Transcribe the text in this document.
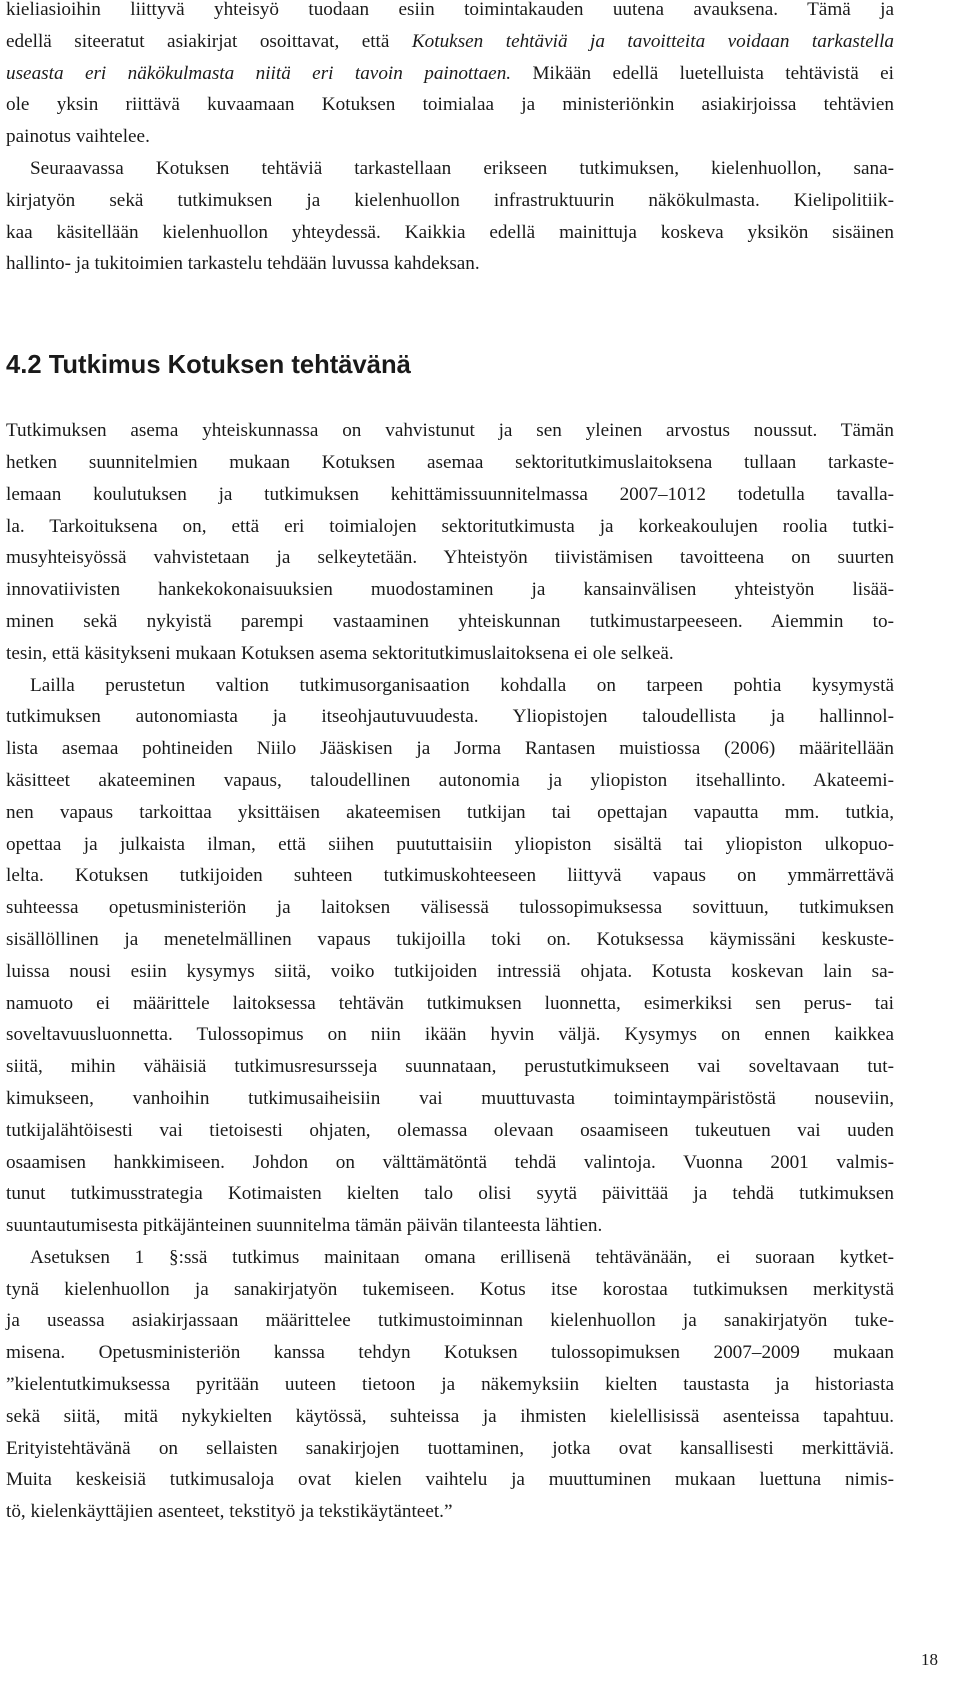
kieliasioihin liittyvä yhteisyö tuodaan esiin toimintakauden uutena avauksena. Tämä ja
edellä siteeratut asiakirjat osoittavat, että Kotuksen tehtäviä ja tavoitteita voidaan tarkastella
useasta eri näkökulmasta niitä eri tavoin painottaen. Mikään edellä luetelluista tehtävistä ei
ole yksin riittävä kuvaamaan Kotuksen toimialaa ja ministeriönkin asiakirjoissa tehtävien
painotus vaihtelee.
Seuraavassa Kotuksen tehtäviä tarkastellaan erikseen tutkimuksen, kielenhuollon, sana-
kirjatyön sekä tutkimuksen ja kielenhuollon infrastruktuurin näkökulmasta. Kielipolitiik-
kaa käsitellään kielenhuollon yhteydessä. Kaikkia edellä mainittuja koskeva yksikön sisäinen
hallinto- ja tukitoimien tarkastelu tehdään luvussa kahdeksan.
4.2 Tutkimus Kotuksen tehtävänä
Tutkimuksen asema yhteiskunnassa on vahvistunut ja sen yleinen arvostus noussut. Tämän
hetken suunnitelmien mukaan Kotuksen asemaa sektoritutkimuslaitoksena tullaan tarkaste-
lemaan koulutuksen ja tutkimuksen kehittämissuunnitelmassa 2007–1012 todetulla tavalla-
la. Tarkoituksena on, että eri toimialojen sektoritutkimusta ja korkeakoulujen roolia tutki-
musyhteisyössä vahvistetaan ja selkeytetään. Yhteistyön tiivistämisen tavoitteena on suurten
innovatiivisten hankekokonaisuuksien muodostaminen ja kansainvälisen yhteistyön lisää-
minen sekä nykyistä parempi vastaaminen yhteiskunnan tutkimustarpeeseen. Aiemmin to-
tesin, että käsitykseni mukaan Kotuksen asema sektoritutkimuslaitoksena ei ole selkeä.
Lailla perustetun valtion tutkimusorganisaation kohdalla on tarpeen pohtia kysymystä
tutkimuksen autonomiasta ja itseohjautuvuudesta. Yliopistojen taloudellista ja hallinnol-
lista asemaa pohtineiden Niilo Jääskisen ja Jorma Rantasen muistiossa (2006) määritellään
käsitteet akateeminen vapaus, taloudellinen autonomia ja yliopiston itsehallinto. Akateemi-
nen vapaus tarkoittaa yksittäisen akateemisen tutkijan tai opettajan vapautta mm. tutkia,
opettaa ja julkaista ilman, että siihen puututtaisiin yliopiston sisältä tai yliopiston ulkopuo-
lelta. Kotuksen tutkijoiden suhteen tutkimuskohteeseen liittyvä vapaus on ymmärrettävä
suhteessa opetusministeriön ja laitoksen välisessä tulossopimuksessa sovittuun, tutkimuksen
sisällöllinen ja menetelmällinen vapaus tukijoilla toki on. Kotuksessa käymissäni keskuste-
luissa nousi esiin kysymys siitä, voiko tutkijoiden intressiä ohjata. Kotusta koskevan lain sa-
namuoto ei määrittele laitoksessa tehtävän tutkimuksen luonnetta, esimerkiksi sen perus- tai
soveltavuusluonnetta. Tulossopimus on niin ikään hyvin väljä. Kysymys on ennen kaikkea
siitä, mihin vähäisiä tutkimusresursseja suunnataan, perustutkimukseen vai soveltavaan tut-
kimukseen, vanhoihin tutkimusaiheisiin vai muuttuvasta toimintaympäristöstä nouseviin,
tutkijalähtöisesti vai tietoisesti ohjaten, olemassa olevaan osaamiseen tukeutuen vai uuden
osaamisen hankkimiseen. Johdon on välttämätöntä tehdä valintoja. Vuonna 2001 valmis-
tunut tutkimusstrategia Kotimaisten kielten talo olisi syytä päivittää ja tehdä tutkimuksen
suuntautumisesta pitkäjänteinen suunnitelma tämän päivän tilanteesta lähtien.
Asetuksen 1 §:ssä tutkimus mainitaan omana erillisenä tehtävänään, ei suoraan kytket-
tynä kielenhuollon ja sanakirjatyön tukemiseen. Kotus itse korostaa tutkimuksen merkitystä
ja useassa asiakirjassaan määrittelee tutkimustoiminnan kielenhuollon ja sanakirjatyön tuke-
misena. Opetusministeriön kanssa tehdyn Kotuksen tulossopimuksen 2007–2009 mukaan
”kielentutkimuksessa pyritään uuteen tietoon ja näkemyksiin kielten taustasta ja historiasta
sekä siitä, mitä nykykielten käytössä, suhteissa ja ihmisten kielellisissä asenteissa tapahtuu.
Erityistehtävänä on sellaisten sanakirjojen tuottaminen, jotka ovat kansallisesti merkittäviä.
Muita keskeisiä tutkimusaloja ovat kielen vaihtelu ja muuttuminen mukaan luettuna nimis-
tö, kielenkäyttäjien asenteet, tekstityö ja tekstikäytänteet.”
18
